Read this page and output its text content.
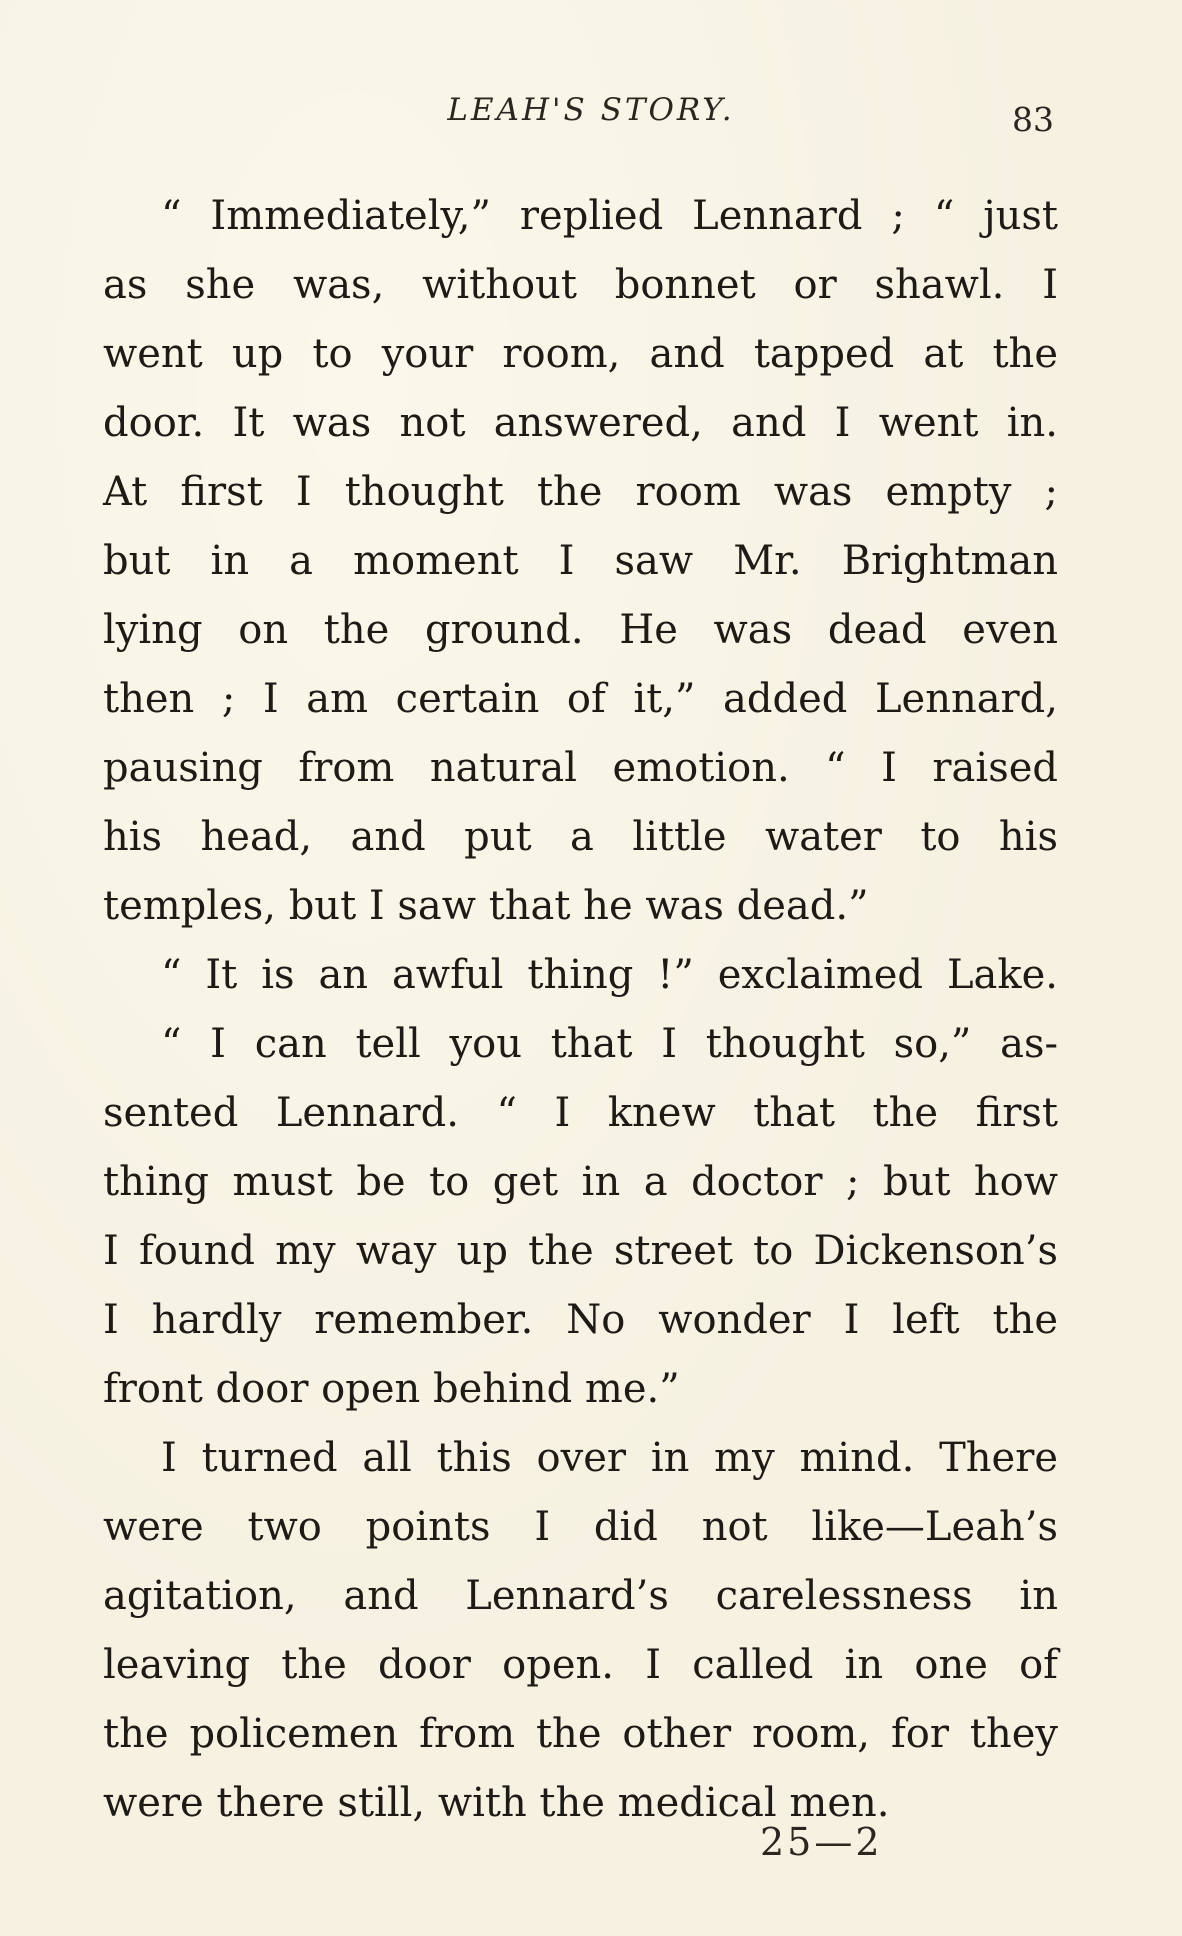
LEAH'S STORY.	83
“ Immediately,” replied Lennard ; “ just
as she was, without bonnet or shawl. I
went up to your room, and tapped at the
door. It was not answered, and I went in.
At first I thought the room was empty ;
but in a moment I saw Mr. Brightman
lying on the ground. He was dead even
then ; I am certain of it,” added Lennard,
pausing from natural emotion. “ I raised
his head, and put a little water to his
temples, but I saw that he was dead.”
“ It is an awful thing !” exclaimed Lake.
“ I can tell you that I thought so,” as-
sented Lennard. “ I knew that the first
thing must be to get in a doctor ; but how
I found my way up the street to Dickenson’s
I hardly remember. No wonder I left the
front door open behind me.”
I turned all this over in my mind. There
were two points I did not like—Leah’s
agitation, and Lennard’s carelessness in
leaving the door open. I called in one of
the policemen from the other room, for they
were there still, with the medical men.
25—2
